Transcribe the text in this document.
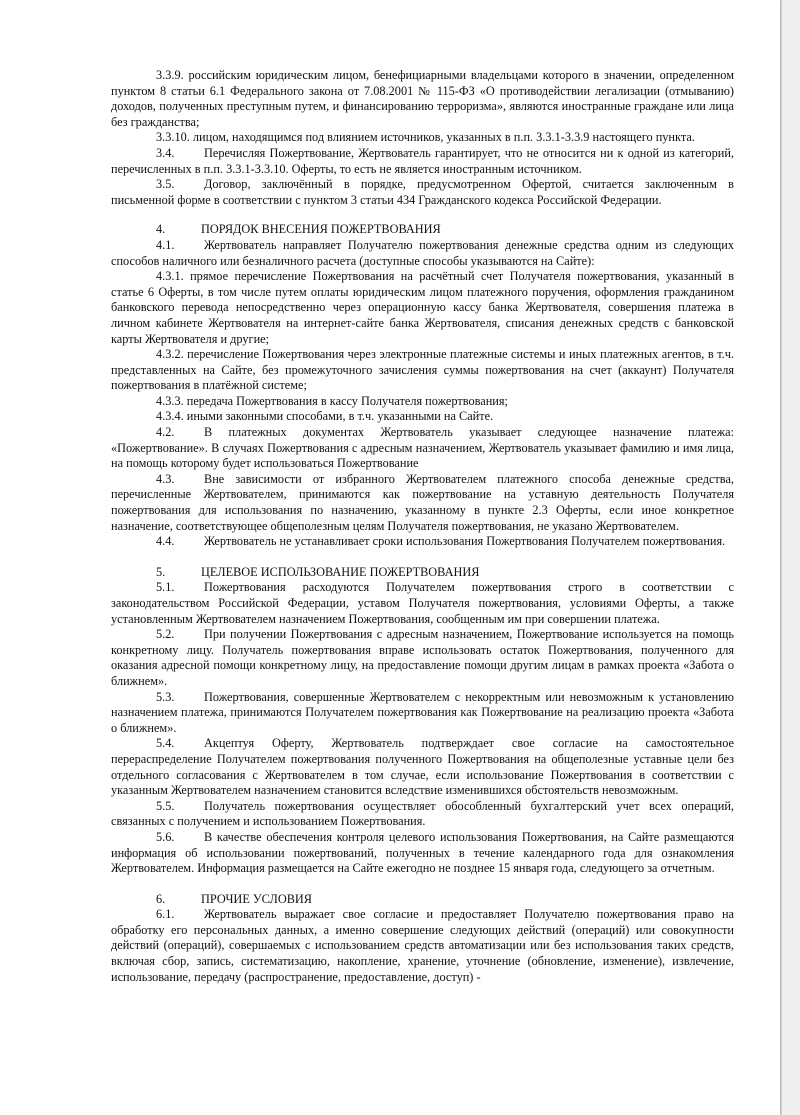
3.3.9. российским юридическим лицом, бенефициарными владельцами которого в значении, определенном пунктом 8 статьи 6.1 Федерального закона от 7.08.2001 № 115-ФЗ «О противодействии легализации (отмыванию) доходов, полученных преступным путем, и финансированию терроризма», являются иностранные граждане или лица без гражданства;

3.3.10. лицом, находящимся под влиянием источников, указанных в п.п. 3.3.1-3.3.9 настоящего пункта.

3.4. Перечисляя Пожертвование, Жертвователь гарантирует, что не относится ни к одной из категорий, перечисленных в п.п. 3.3.1-3.3.10. Оферты, то есть не является иностранным источником.

3.5. Договор, заключённый в порядке, предусмотренном Офертой, считается заключенным в письменной форме в соответствии с пунктом 3 статьи 434 Гражданского кодекса Российской Федерации.

4.	ПОРЯДОК ВНЕСЕНИЯ ПОЖЕРТВОВАНИЯ

4.1. Жертвователь направляет Получателю пожертвования денежные средства одним из следующих способов наличного или безналичного расчета (доступные способы указываются на Сайте):

4.3.1. прямое перечисление Пожертвования на расчётный счет Получателя пожертвования, указанный в статье 6 Оферты, в том числе путем оплаты юридическим лицом платежного поручения, оформления гражданином банковского перевода непосредственно через операционную кассу банка Жертвователя, совершения платежа в личном кабинете Жертвователя на интернет-сайте банка Жертвователя, списания денежных средств с банковской карты Жертвователя и другие;

4.3.2. перечисление Пожертвования через электронные платежные системы и иных платежных агентов, в т.ч. представленных на Сайте, без промежуточного зачисления суммы пожертвования на счет (аккаунт) Получателя пожертвования в платёжной системе;

4.3.3. передача Пожертвования в кассу Получателя пожертвования;

4.3.4. иными законными способами, в т.ч. указанными на Сайте.

4.2. В платежных документах Жертвователь указывает следующее назначение платежа: «Пожертвование». В случаях Пожертвования с адресным назначением, Жертвователь указывает фамилию и имя лица, на помощь которому будет использоваться Пожертвование

4.3. Вне зависимости от избранного Жертвователем платежного способа денежные средства, перечисленные Жертвователем, принимаются как пожертвование на уставную деятельность Получателя пожертвования для использования по назначению, указанному в пункте 2.3 Оферты, если иное конкретное назначение, соответствующее общеполезным целям Получателя пожертвования, не указано Жертвователем.

4.4. Жертвователь не устанавливает сроки использования Пожертвования Получателем пожертвования.

5.	ЦЕЛЕВОЕ ИСПОЛЬЗОВАНИЕ ПОЖЕРТВОВАНИЯ

5.1. Пожертвования расходуются Получателем пожертвования строго в соответствии с законодательством Российской Федерации, уставом Получателя пожертвования, условиями Оферты, а также установленным Жертвователем назначением Пожертвования, сообщенным им при совершении платежа.

5.2. При получении Пожертвования с адресным назначением, Пожертвование используется на помощь конкретному лицу. Получатель пожертвования вправе использовать остаток Пожертвования, полученного для оказания адресной помощи конкретному лицу, на предоставление помощи другим лицам в рамках проекта «Забота о ближнем».

5.3. Пожертвования, совершенные Жертвователем с некорректным или невозможным к установлению назначением платежа, принимаются Получателем пожертвования как Пожертвование на реализацию проекта «Забота о ближнем».

5.4. Акцептуя Оферту, Жертвователь подтверждает свое согласие на самостоятельное перераспределение Получателем пожертвования полученного Пожертвования на общеполезные уставные цели без отдельного согласования с Жертвователем в том случае, если использование Пожертвования в соответствии с указанным Жертвователем назначением становится вследствие изменившихся обстоятельств невозможным.

5.5. Получатель пожертвования осуществляет обособленный бухгалтерский учет всех операций, связанных с получением и использованием Пожертвования.

5.6. В качестве обеспечения контроля целевого использования Пожертвования, на Сайте размещаются информация об использовании пожертвований, полученных в течение календарного года для ознакомления Жертвователем. Информация размещается на Сайте ежегодно не позднее 15 января года, следующего за отчетным.

6.	ПРОЧИЕ УСЛОВИЯ

6.1. Жертвователь выражает свое согласие и предоставляет Получателю пожертвования право на обработку его персональных данных, а именно совершение следующих действий (операций) или совокупности действий (операций), совершаемых с использованием средств автоматизации или без использования таких средств, включая сбор, запись, систематизацию, накопление, хранение, уточнение (обновление, изменение), извлечение, использование, передачу (распространение, предоставление, доступ) -
